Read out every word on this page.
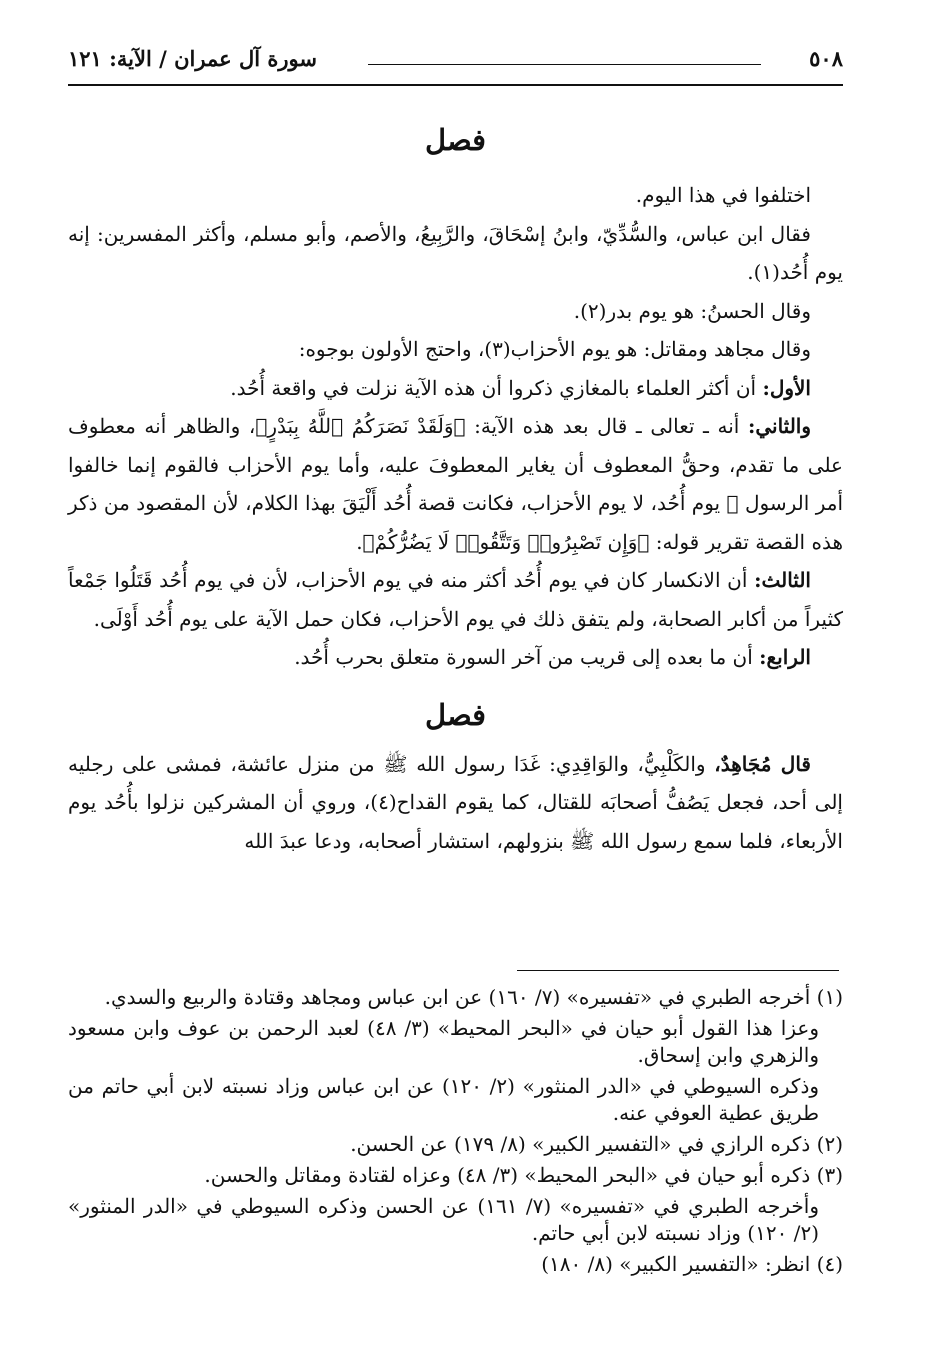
٥٠٨
سورة آل عمران / الآية: ١٢١
فصل

اختلفوا في هذا اليوم.

فقال ابن عباس، والسُّدِّيّ، وابنُ إسْحَاقَ، والرَّبِيعُ، والأصم، وأبو مسلم، وأكثر المفسرين: إنه يوم أُحُد(١).

وقال الحسنُ: هو يوم بدر(٢).

وقال مجاهد ومقاتل: هو يوم الأحزاب(٣)، واحتج الأولون بوجوه:

الأول: أن أكثر العلماء بالمغازي ذكروا أن هذه الآية نزلت في واقعة أُحُد.

والثاني: أنه ـ تعالى ـ قال بعد هذه الآية: ﴿وَلَقَدْ نَصَرَكُمُ ٱللَّهُ بِبَدْرٍ﴾، والظاهر أنه معطوف على ما تقدم، وحقُّ المعطوف أن يغاير المعطوفَ عليه، وأما يوم الأحزاب فالقوم إنما خالفوا أمر الرسول ﷺ يوم أُحُد، لا يوم الأحزاب، فكانت قصة أُحُد أَلْيَقَ بهذا الكلام، لأن المقصود من ذكر هذه القصة تقرير قوله: ﴿وَإِن تَصْبِرُوا۟ وَتَتَّقُوا۟ لَا يَضُرُّكُمْ﴾.

الثالث: أن الانكسار كان في يوم أُحُد أكثر منه في يوم الأحزاب، لأن في يوم أُحُد قَتَلُوا جَمْعاً كثيراً من أكابر الصحابة، ولم يتفق ذلك في يوم الأحزاب، فكان حمل الآية على يوم أُحُد أَوْلَى.

الرابع: أن ما بعده إلى قريب من آخر السورة متعلق بحرب أُحُد.

فصل

قال مُجَاهِدٌ، والكَلْبِيُّ، والوَاقِدِي: غَدَا رسول الله ﷺ من منزل عائشة، فمشى على رجليه إلى أحد، فجعل يَصُفُّ أصحابَه للقتال، كما يقوم القداح(٤)، وروي أن المشركين نزلوا بأُحُد يوم الأربعاء، فلما سمع رسول الله ﷺ بنزولهم، استشار أصحابه، ودعا عبدَ الله

(١) أخرجه الطبري في «تفسيره» (٧/ ١٦٠) عن ابن عباس ومجاهد وقتادة والربيع والسدي.

وعزا هذا القول أبو حيان في «البحر المحيط» (٣/ ٤٨) لعبد الرحمن بن عوف وابن مسعود والزهري وابن إسحاق.

وذكره السيوطي في «الدر المنثور» (٢/ ١٢٠) عن ابن عباس وزاد نسبته لابن أبي حاتم من طريق عطية العوفي عنه.

(٢) ذكره الرازي في «التفسير الكبير» (٨/ ١٧٩) عن الحسن.

(٣) ذكره أبو حيان في «البحر المحيط» (٣/ ٤٨) وعزاه لقتادة ومقاتل والحسن.

وأخرجه الطبري في «تفسيره» (٧/ ١٦١) عن الحسن وذكره السيوطي في «الدر المنثور» (٢/ ١٢٠) وزاد نسبته لابن أبي حاتم.

(٤) انظر: «التفسير الكبير» (٨/ ١٨٠)
